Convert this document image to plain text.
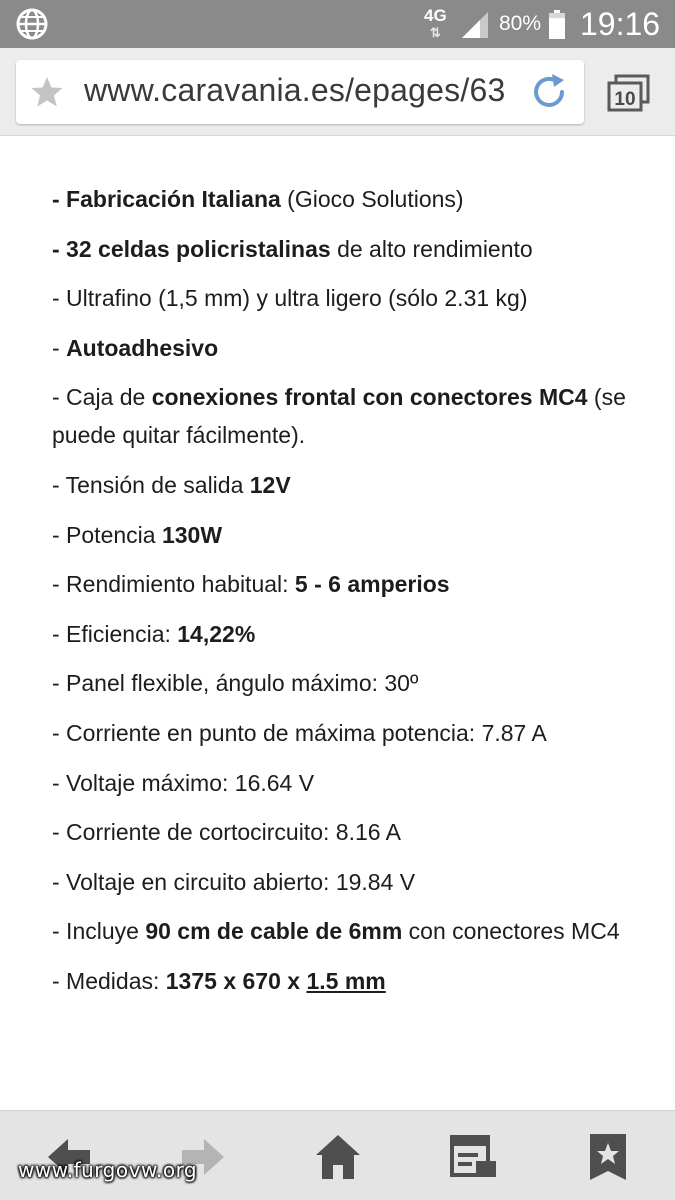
4G
⇅	80% 19:16
www.caravania.es/epages/63	10

- Fabricación Italiana (Gioco Solutions)

- 32 celdas policristalinas de alto rendimiento

- Ultrafino (1,5 mm) y ultra ligero (sólo 2.31 kg)

- Autoadhesivo

- Caja de conexiones frontal con conectores MC4 (se puede quitar fácilmente).

- Tensión de salida 12V

- Potencia 130W

- Rendimiento habitual: 5 - 6 amperios

- Eficiencia: 14,22%

- Panel flexible, ángulo máximo: 30º

- Corriente en punto de máxima potencia: 7.87 A

- Voltaje máximo: 16.64 V

- Corriente de cortocircuito: 8.16 A

- Voltaje en circuito abierto: 19.84 V

- Incluye 90 cm de cable de 6mm con conectores MC4

- Medidas: 1375 x 670 x 1.5 mm

www.furgovw.org
